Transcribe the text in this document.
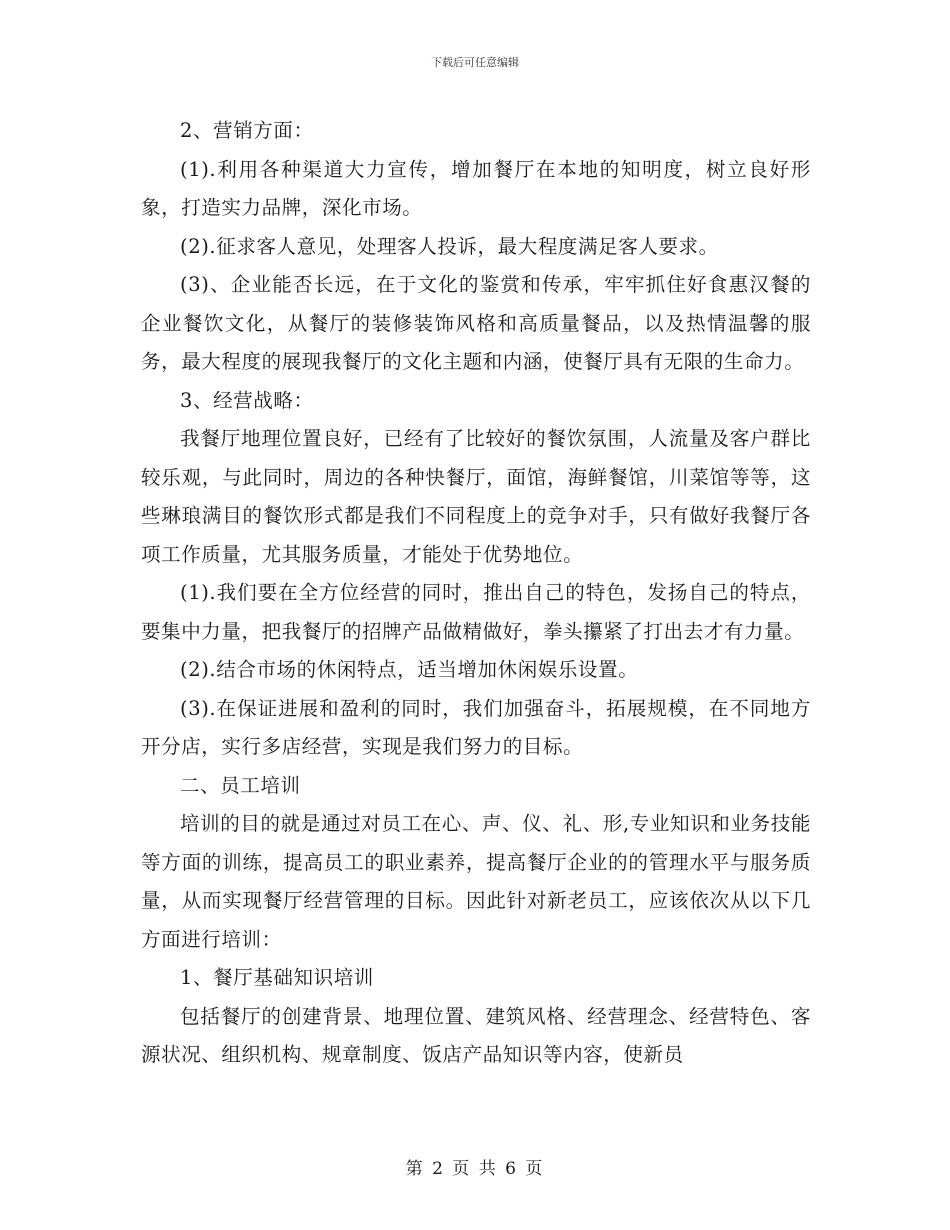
下载后可任意编辑

2、营销方面：

(1).利用各种渠道大力宣传，增加餐厅在本地的知明度，树立良好形象，打造实力品牌，深化市场。

(2).征求客人意见，处理客人投诉，最大程度满足客人要求。

(3)、企业能否长远，在于文化的鉴赏和传承，牢牢抓住好食惠汉餐的企业餐饮文化，从餐厅的装修装饰风格和高质量餐品，以及热情温馨的服务，最大程度的展现我餐厅的文化主题和内涵，使餐厅具有无限的生命力。

3、经营战略：

我餐厅地理位置良好，已经有了比较好的餐饮氛围，人流量及客户群比较乐观，与此同时，周边的各种快餐厅，面馆，海鲜餐馆，川菜馆等等，这些琳琅满目的餐饮形式都是我们不同程度上的竞争对手，只有做好我餐厅各项工作质量，尤其服务质量，才能处于优势地位。

(1).我们要在全方位经营的同时，推出自己的特色，发扬自己的特点，要集中力量，把我餐厅的招牌产品做精做好，拳头攥紧了打出去才有力量。

(2).结合市场的休闲特点，适当增加休闲娱乐设置。

(3).在保证进展和盈利的同时，我们加强奋斗，拓展规模，在不同地方开分店，实行多店经营，实现是我们努力的目标。

二、员工培训

培训的目的就是通过对员工在心、声、仪、礼、形,专业知识和业务技能等方面的训练，提高员工的职业素养，提高餐厅企业的的管理水平与服务质量，从而实现餐厅经营管理的目标。因此针对新老员工，应该依次从以下几方面进行培训：

1、餐厅基础知识培训

包括餐厅的创建背景、地理位置、建筑风格、经营理念、经营特色、客源状况、组织机构、规章制度、饭店产品知识等内容，使新员

第 2 页 共 6 页
